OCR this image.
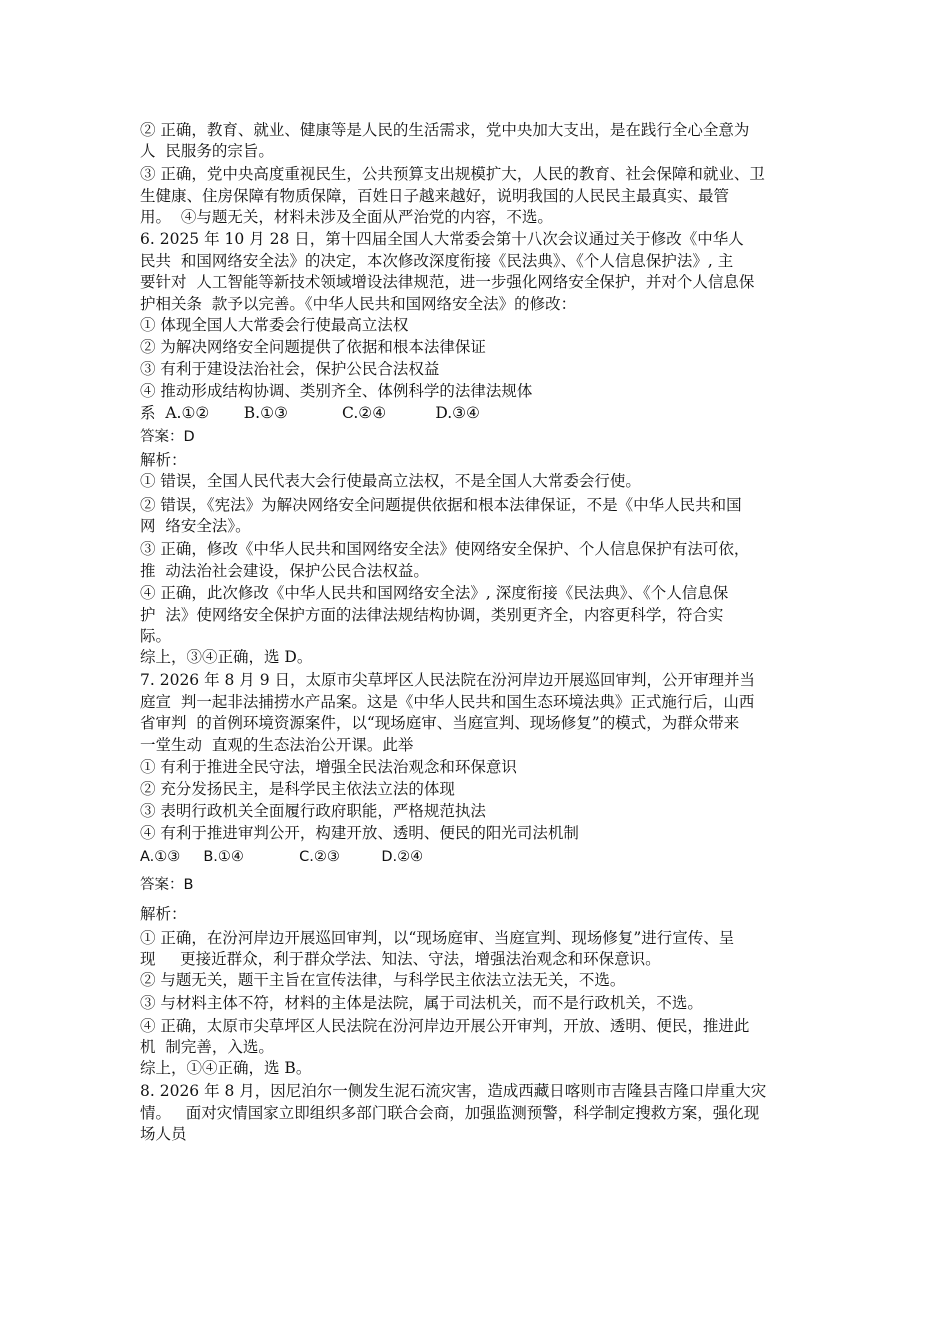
② 正确，教育、就业、健康等是人民的生活需求，党中央加大支出，是在践行全心全意为
人  民服务的宗旨。
③ 正确，党中央高度重视民生，公共预算支出规模扩大，人民的教育、社会保障和就业、卫
生健康、住房保障有物质保障，百姓日子越来越好，说明我国的人民民主最真实、最管
用。  ④与题无关，材料未涉及全面从严治党的内容，不选。
6. 2025 年 10 月 28 日，第十四届全国人大常委会第十八次会议通过关于修改《中华人
民共  和国网络安全法》的决定，本次修改深度衔接《民法典》、《个人信息保护法》, 主
要针对  人工智能等新技术领域增设法律规范，进一步强化网络安全保护，并对个人信息保
护相关条  款予以完善。《中华人民共和国网络安全法》的修改：
① 体现全国人大常委会行使最高立法权
② 为解决网络安全问题提供了依据和根本法律保证
③ 有利于建设法治社会，保护公民合法权益
④ 推动形成结构协调、类别齐全、体例科学的法律法规体
系  A.①②       B.①③           C.②④          D.③④
答案：D
解析：
① 错误，全国人民代表大会行使最高立法权，不是全国人大常委会行使。
② 错误，《宪法》为解决网络安全问题提供依据和根本法律保证，不是《中华人民共和国
网  络安全法》。
③ 正确，修改《中华人民共和国网络安全法》使网络安全保护、个人信息保护有法可依，
推  动法治社会建设，保护公民合法权益。
④ 正确，此次修改《中华人民共和国网络安全法》, 深度衔接《民法典》、《个人信息保
护  法》使网络安全保护方面的法律法规结构协调，类别更齐全，内容更科学，符合实
际。
综上，③④正确，选 D。
7. 2026 年 8 月 9 日，太原市尖草坪区人民法院在汾河岸边开展巡回审判，公开审理并当
庭宣  判一起非法捕捞水产品案。这是《中华人民共和国生态环境法典》正式施行后，山西
省审判  的首例环境资源案件，以“现场庭审、当庭宣判、现场修复”的模式，为群众带来
一堂生动  直观的生态法治公开课。此举
① 有利于推进全民守法，增强全民法治观念和环保意识
② 充分发扬民主，是科学民主依法立法的体现
③ 表明行政机关全面履行政府职能，严格规范执法
④ 有利于推进审判公开，构建开放、透明、便民的阳光司法机制
A.①③     B.①④            C.②③         D.②④
答案：B
解析：
① 正确，在汾河岸边开展巡回审判，以“现场庭审、当庭宣判、现场修复”进行宣传、呈
现     更接近群众，利于群众学法、知法、守法，增强法治观念和环保意识。
② 与题无关，题干主旨在宣传法律，与科学民主依法立法无关，不选。
③ 与材料主体不符，材料的主体是法院，属于司法机关，而不是行政机关，不选。
④ 正确，太原市尖草坪区人民法院在汾河岸边开展公开审判，开放、透明、便民，推进此
机  制完善，入选。
综上，①④正确，选 B。
8. 2026 年 8 月，因尼泊尔一侧发生泥石流灾害，造成西藏日喀则市吉隆县吉隆口岸重大灾
情。   面对灾情国家立即组织多部门联合会商，加强监测预警，科学制定搜救方案，强化现
场人员
